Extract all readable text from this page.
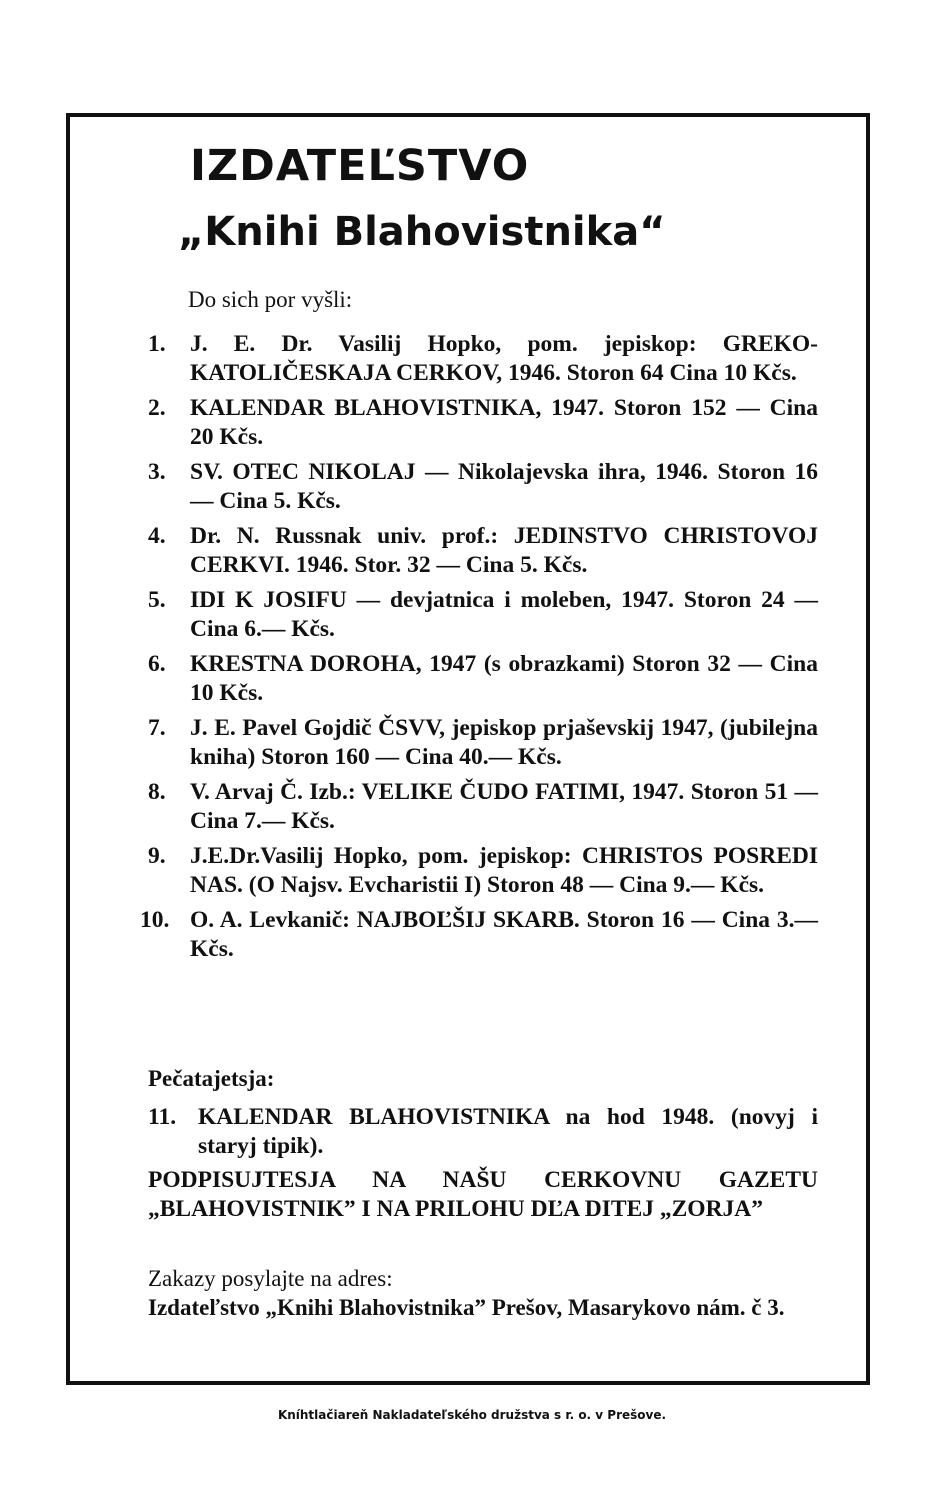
IZDATEĽSTVO
„Knihi Blahovistnika“

Do sich por vyšli:

1.	J. E. Dr. Vasilij Hopko, pom. jepiskop: GREKO-KATOLIČESKAJA CERKOV, 1946. Storon 64 Cina 10 Kčs.
2.	KALENDAR BLAHOVISTNIKA, 1947. Storon 152 — Cina 20 Kčs.
3.	SV. OTEC NIKOLAJ — Nikolajevska ihra, 1946. Storon 16 — Cina 5. Kčs.
4.	Dr. N. Russnak univ. prof.: JEDINSTVO CHRISTOVOJ CERKVI. 1946. Stor. 32 — Cina 5. Kčs.
5.	IDI K JOSIFU — devjatnica i moleben, 1947. Storon 24 — Cina 6.— Kčs.
6.	KRESTNA DOROHA, 1947 (s obrazkami) Storon 32 — Cina 10 Kčs.
7.	J. E. Pavel Gojdič ČSVV, jepiskop prjaševskij 1947, (jubilejna kniha) Storon 160 — Cina 40.— Kčs.
8.	V. Arvaj Č. Izb.: VELIKE ČUDO FATIMI, 1947. Storon 51 — Cina 7.— Kčs.
9.	J.E.Dr.Vasilij Hopko, pom. jepiskop: CHRISTOS POSREDI NAS. (O Najsv. Evcharistii I) Storon 48 — Cina 9.— Kčs.
10. O. A. Levkanič: NAJBOĽŠIJ SKARB. Storon 16 — Cina 3.— Kčs.

Pečatajetsja:

11. KALENDAR BLAHOVISTNIKA na hod 1948. (novyj i staryj tipik).

PODPISUJTESJA NA NAŠU CERKOVNU GAZETU „BLAHOVISTNIK” I NA PRILOHU DĽA DITEJ „ZORJA”

Zakazy posylajte na adres:

Izdateľstvo „Knihi Blahovistnika” Prešov, Masarykovo nám. č 3.

Kníhtlačiareň Nakladateľského družstva s r. o. v Prešove.
